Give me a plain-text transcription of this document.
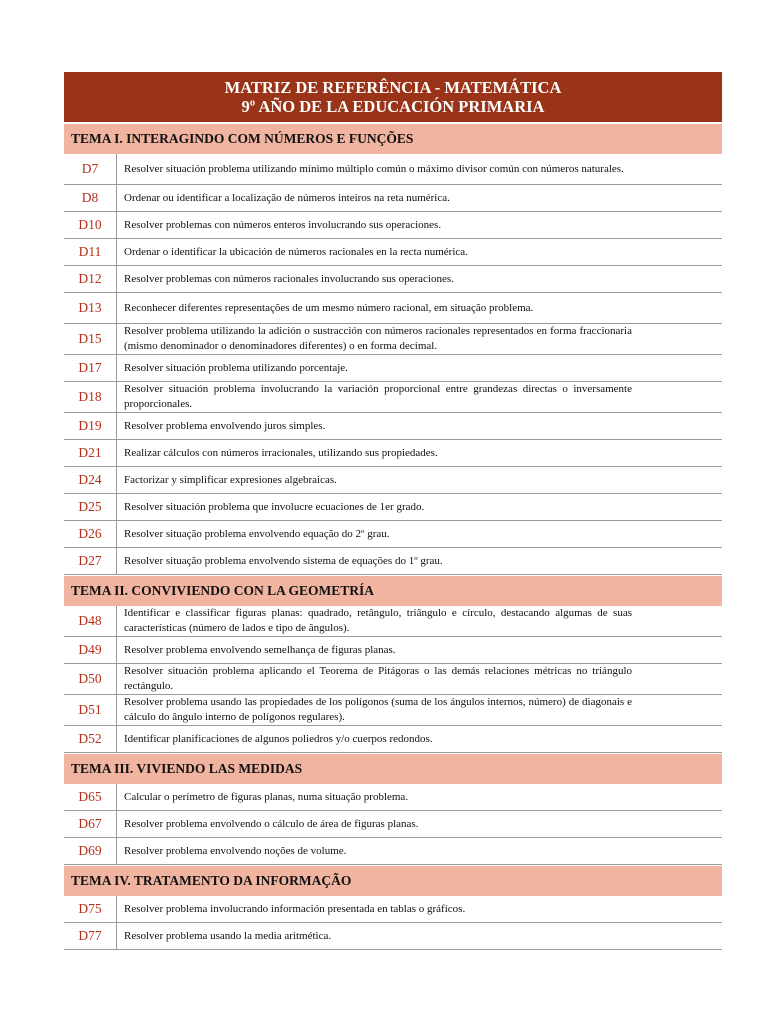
MATRIZ DE REFERÊNCIA - MATEMÁTICA
9º AÑO DE LA EDUCACIÓN PRIMARIA
TEMA I. INTERAGINDO COM NÚMEROS E FUNÇÕES
D7	Resolver situación problema utilizando mínimo múltiplo común o máximo divisor común con números naturales.
D8	Ordenar ou identificar a localização de números inteiros na reta numérica.
D10	Resolver problemas con números enteros involucrando sus operaciones.
D11	Ordenar o identificar la ubicación de números racionales en la recta numérica.
D12	Resolver problemas con números racionales involucrando sus operaciones.
D13	Reconhecer diferentes representações de um mesmo número racional, em situação problema.
D15	Resolver problema utilizando la adición o sustracción con números racionales representados en forma fraccionaria (mismo denominador o denominadores diferentes) o en forma decimal.
D17	Resolver situación problema utilizando porcentaje.
D18	Resolver situación problema involucrando la variación proporcional entre grandezas directas o inversamente proporcionales.
D19	Resolver problema envolvendo juros simples.
D21	Realizar cálculos con números irracionales, utilizando sus propiedades.
D24	Factorizar y simplificar expresiones algebraicas.
D25	Resolver situación problema que involucre ecuaciones de 1er grado.
D26	Resolver situação problema envolvendo equação do 2º grau.
D27	Resolver situação problema envolvendo sistema de equações do 1º grau.
TEMA II. CONVIVIENDO CON LA GEOMETRÍA
D48	Identificar e classificar figuras planas: quadrado, retângulo, triângulo e círculo, destacando algumas de suas características (número de lados e tipo de ângulos).
D49	Resolver problema envolvendo semelhança de figuras planas.
D50	Resolver situación problema aplicando el Teorema de Pitágoras o las demás relaciones métricas no triángulo rectángulo.
D51	Resolver problema usando las propiedades de los polígonos (suma de los ángulos internos, número) de diagonais e cálculo do ângulo interno de polígonos regulares).
D52	Identificar planificaciones de algunos poliedros y/o cuerpos redondos.
TEMA III. VIVIENDO LAS MEDIDAS
D65	Calcular o perímetro de figuras planas, numa situação problema.
D67	Resolver problema envolvendo o cálculo de área de figuras planas.
D69	Resolver problema envolvendo noções de volume.
TEMA IV. TRATAMENTO DA INFORMAÇÃO
D75	Resolver problema involucrando información presentada en tablas o gráficos.
D77	Resolver problema usando la media aritmética.
